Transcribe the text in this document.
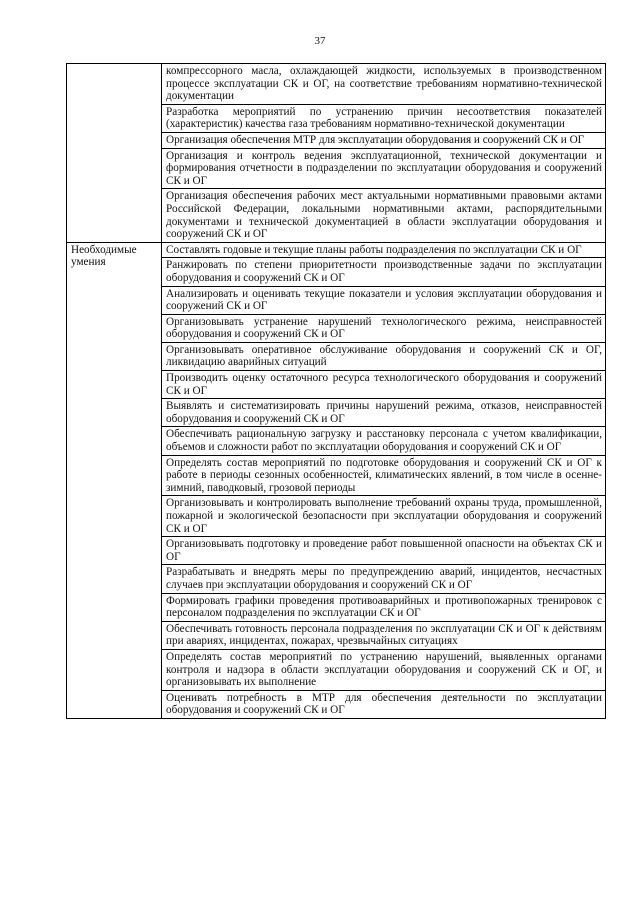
37
	компрессорного масла, охлаждающей жидкости, используемых в производственном процессе эксплуатации СК и ОГ, на соответствие требованиям нормативно-технической документации
	Разработка мероприятий по устранению причин несоответствия показателей (характеристик) качества газа требованиям нормативно-технической документации
	Организация обеспечения МТР для эксплуатации оборудования и сооружений СК и ОГ
	Организация и контроль ведения эксплуатационной, технической документации и формирования отчетности в подразделении по эксплуатации оборудования и сооружений СК и ОГ
	Организация обеспечения рабочих мест актуальными нормативными правовыми актами Российской Федерации, локальными нормативными актами, распорядительными документами и технической документацией в области эксплуатации оборудования и сооружений СК и ОГ
Необходимые умения	Составлять годовые и текущие планы работы подразделения по эксплуатации СК и ОГ
	Ранжировать по степени приоритетности производственные задачи по эксплуатации оборудования и сооружений СК и ОГ
	Анализировать и оценивать текущие показатели и условия эксплуатации оборудования и сооружений СК и ОГ
	Организовывать устранение нарушений технологического режима, неисправностей оборудования и сооружений СК и ОГ
	Организовывать оперативное обслуживание оборудования и сооружений СК и ОГ, ликвидацию аварийных ситуаций
	Производить оценку остаточного ресурса технологического оборудования и сооружений СК и ОГ
	Выявлять и систематизировать причины нарушений режима, отказов, неисправностей оборудования и сооружений СК и ОГ
	Обеспечивать рациональную загрузку и расстановку персонала с учетом квалификации, объемов и сложности работ по эксплуатации оборудования и сооружений СК и ОГ
	Определять состав мероприятий по подготовке оборудования и сооружений СК и ОГ к работе в периоды сезонных особенностей, климатических явлений, в том числе в осенне-зимний, паводковый, грозовой периоды
	Организовывать и контролировать выполнение требований охраны труда, промышленной, пожарной и экологической безопасности при эксплуатации оборудования и сооружений СК и ОГ
	Организовывать подготовку и проведение работ повышенной опасности на объектах СК и ОГ
	Разрабатывать и внедрять меры по предупреждению аварий, инцидентов, несчастных случаев при эксплуатации оборудования и сооружений СК и ОГ
	Формировать графики проведения противоаварийных и противопожарных тренировок с персоналом подразделения по эксплуатации СК и ОГ
	Обеспечивать готовность персонала подразделения по эксплуатации СК и ОГ к действиям при авариях, инцидентах, пожарах, чрезвычайных ситуациях
	Определять состав мероприятий по устранению нарушений, выявленных органами контроля и надзора в области эксплуатации оборудования и сооружений СК и ОГ, и организовывать их выполнение
	Оценивать потребность в МТР для обеспечения деятельности по эксплуатации оборудования и сооружений СК и ОГ
